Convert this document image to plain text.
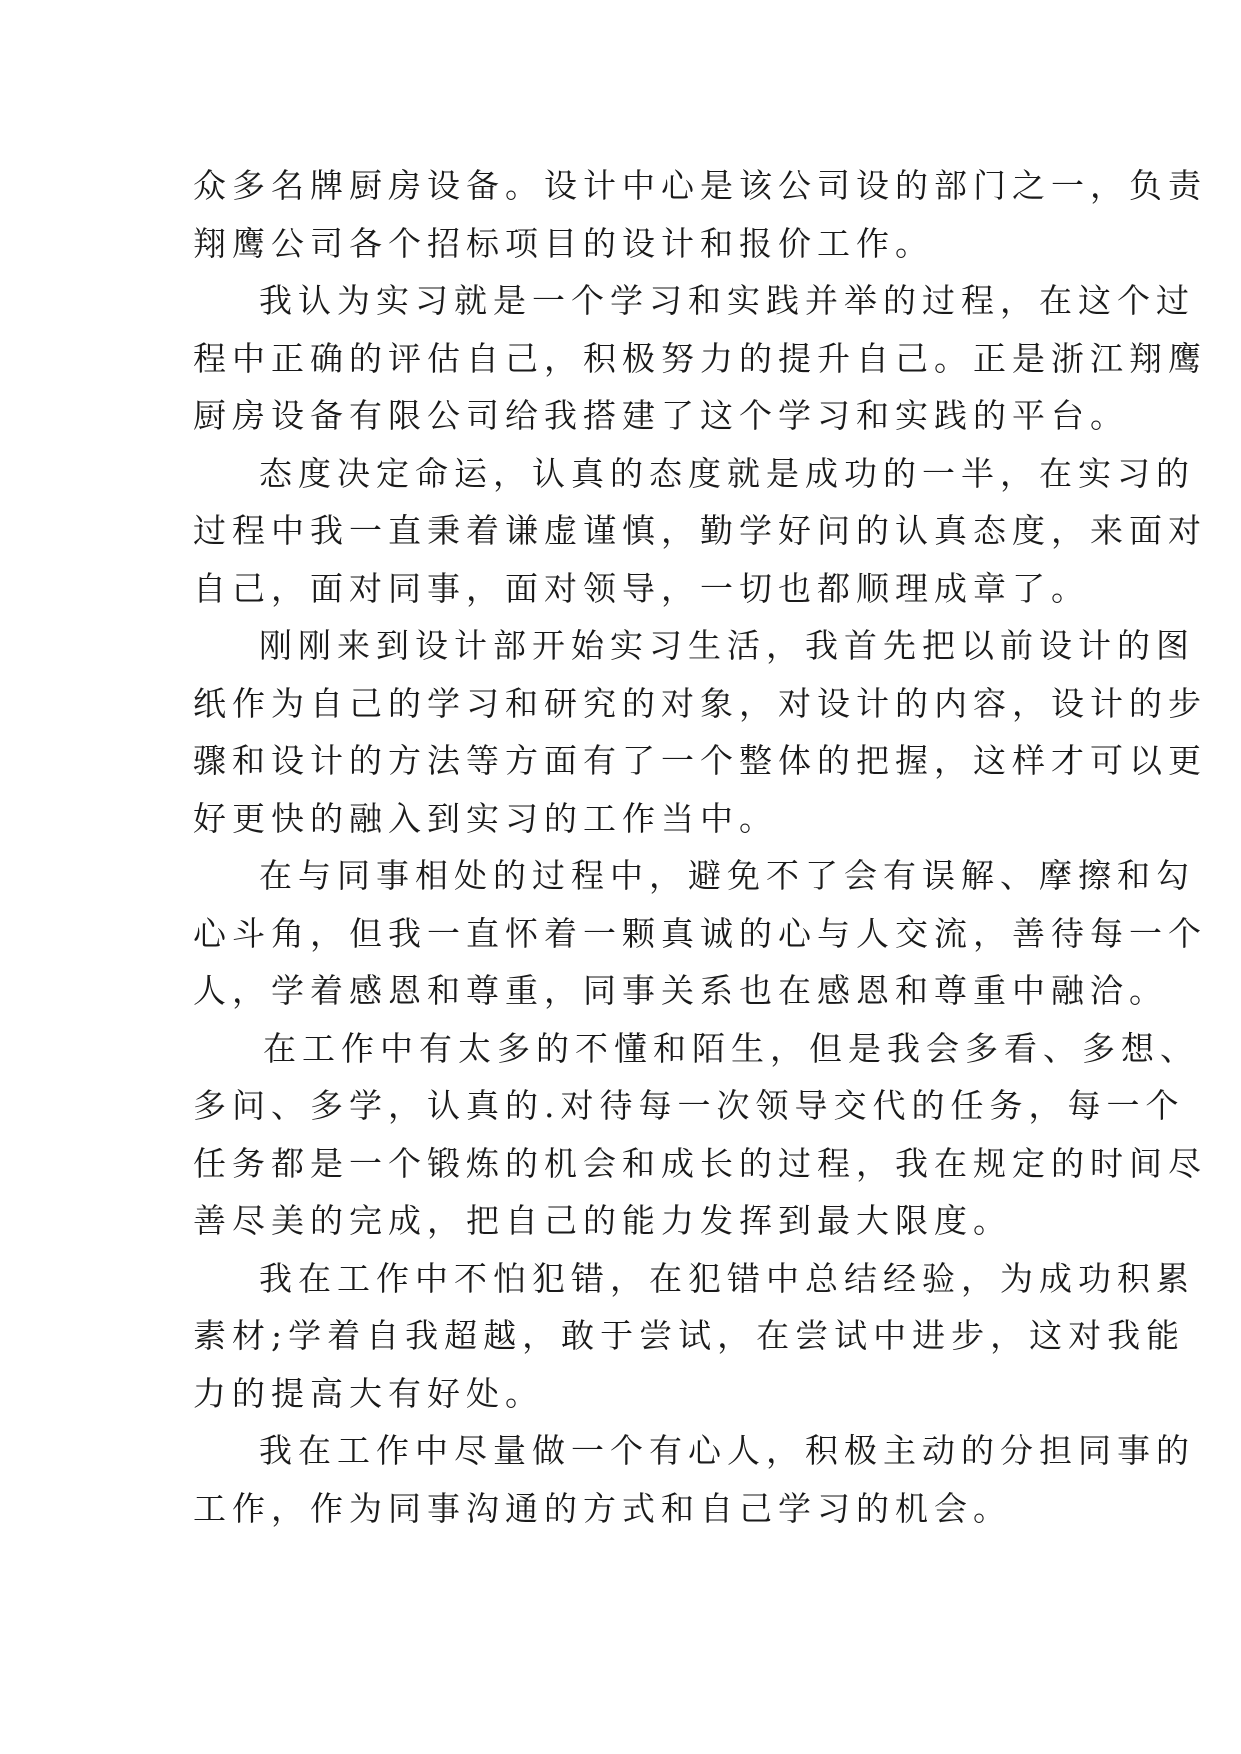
众多名牌厨房设备。设计中心是该公司设的部门之一，负责
翔鹰公司各个招标项目的设计和报价工作。
我认为实习就是一个学习和实践并举的过程，在这个过
程中正确的评估自己，积极努力的提升自己。正是浙江翔鹰
厨房设备有限公司给我搭建了这个学习和实践的平台。
态度决定命运，认真的态度就是成功的一半，在实习的
过程中我一直秉着谦虚谨慎，勤学好问的认真态度，来面对
自己，面对同事，面对领导，一切也都顺理成章了。
刚刚来到设计部开始实习生活，我首先把以前设计的图
纸作为自己的学习和研究的对象，对设计的内容，设计的步
骤和设计的方法等方面有了一个整体的把握，这样才可以更
好更快的融入到实习的工作当中。
在与同事相处的过程中，避免不了会有误解、摩擦和勾
心斗角，但我一直怀着一颗真诚的心与人交流，善待每一个
人，学着感恩和尊重，同事关系也在感恩和尊重中融洽。
在工作中有太多的不懂和陌生，但是我会多看、多想、
多问、多学，认真的.对待每一次领导交代的任务，每一个
任务都是一个锻炼的机会和成长的过程，我在规定的时间尽
善尽美的完成，把自己的能力发挥到最大限度。
我在工作中不怕犯错，在犯错中总结经验，为成功积累
素材;学着自我超越，敢于尝试，在尝试中进步，这对我能
力的提高大有好处。
我在工作中尽量做一个有心人，积极主动的分担同事的
工作，作为同事沟通的方式和自己学习的机会。
